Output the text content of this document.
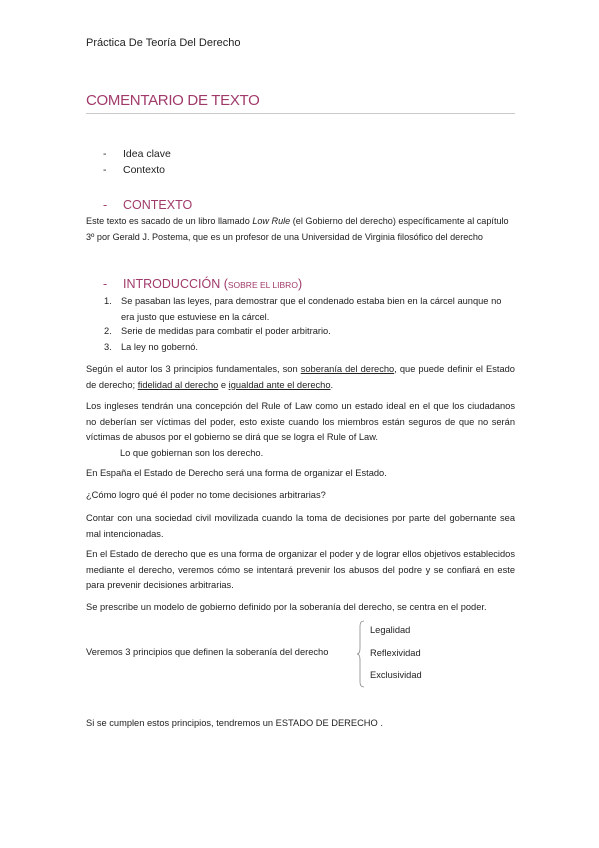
Práctica De Teoría Del Derecho
COMENTARIO DE TEXTO
- Idea clave
- Contexto
- CONTEXTO

Este texto es sacado de un libro llamado Low Rule (el Gobierno del derecho) específicamente al capítulo 3º por Gerald J. Postema, que es un profesor de una Universidad de Virginia filosófico del derecho

- INTRODUCCIÓN (SOBRE EL LIBRO)
1. Se pasaban las leyes, para demostrar que el condenado estaba bien en la cárcel aunque no era justo que estuviese en la cárcel.
2. Serie de medidas para combatir el poder arbitrario.
3. La ley no gobernó.

Según el autor los 3 principios fundamentales, son soberanía del derecho, que puede definir el Estado de derecho; fidelidad al derecho e igualdad ante el derecho.

Los ingleses tendrán una concepción del Rule of Law como un estado ideal en el que los ciudadanos no deberían ser víctimas del poder, esto existe cuando los miembros están seguros de que no serán víctimas de abusos por el gobierno se dirá que se logra el Rule of Law.

Lo que gobiernan son los derecho.

En España el Estado de Derecho será una forma de organizar el Estado.

¿Cómo logro qué él poder no tome decisiones arbitrarias?

Contar con una sociedad civil movilizada cuando la toma de decisiones por parte del gobernante sea mal intencionadas.

En el Estado de derecho que es una forma de organizar el poder y de lograr ellos objetivos establecidos mediante el derecho, veremos cómo se intentará prevenir los abusos del podre y se confiará en este para prevenir decisiones arbitrarias.

Se prescribe un modelo de gobierno definido por la soberanía del derecho, se centra en el poder.

Veremos 3 principios que definen la soberanía del derecho

Legalidad
Reflexividad
Exclusividad

Si se cumplen estos principios, tendremos un ESTADO DE DERECHO .
